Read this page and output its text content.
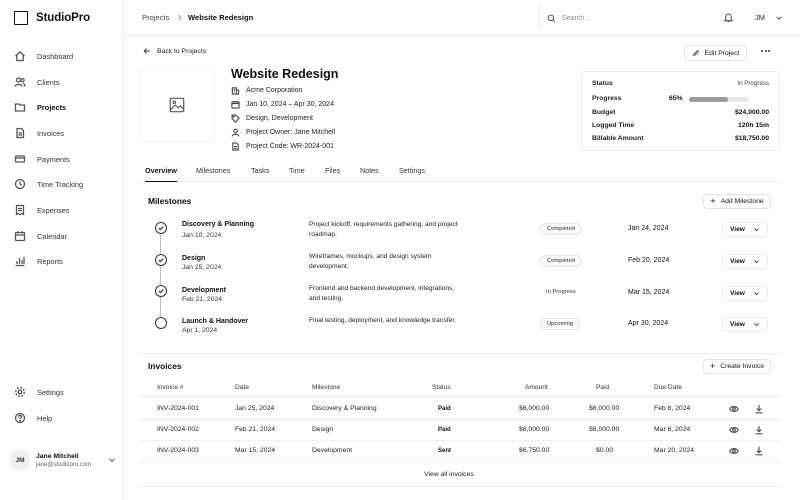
StudioPro
Dashboard
Clients
Projects
Invoices
Payments
Time Tracking
Expenses
Calendar
Reports
Settings
Help
JM
Jane Mitchell
jane@studiopro.com
Projects Website Redesign
Search...	JM
Back to Projects	Edit Project
Website Redesign
Acme Corporation
Jan 10, 2024 – Apr 30, 2024
Design, Development
Project Owner: Jane Mitchell
Project Code: WR-2024-001
Status	In Progress
Progress	65%
Budget	$24,000.00
Logged Time	120h 15m
Billable Amount	$18,750.00
Overview	Milestones	Tasks	Time	Files	Notes	Settings
Milestones	+ Add Milestone
Discovery & Planning
Jan 10, 2024
Project kickoff, requirements gathering, and project roadmap.
Completed	Jan 24, 2024	View
Design
Jan 25, 2024
Wireframes, mockups, and design system development.
Completed	Feb 20, 2024	View
Development
Feb 21, 2024
Frontend and backend development, integrations, and testing.
In Progress	Mar 15, 2024	View
Launch & Handover
Apr 1, 2024
Final testing, deployment, and knowledge transfer.	Upcoming	Apr 30, 2024	View
Invoices	+ Create Invoice
Invoice #	Date	Milestone	Status	Amount	Paid	Due Date
INV-2024-001	Jan 25, 2024	Discovery & Planning	Paid	$6,000.00	$6,000.00	Feb 8, 2024
INV-2024-002	Feb 21, 2024	Design	Paid	$6,000.00	$6,000.00	Mar 6, 2024
INV-2024-003	Mar 15, 2024	Development	Sent	$6,750.00	$0.00	Mar 20, 2024
View all invoices
